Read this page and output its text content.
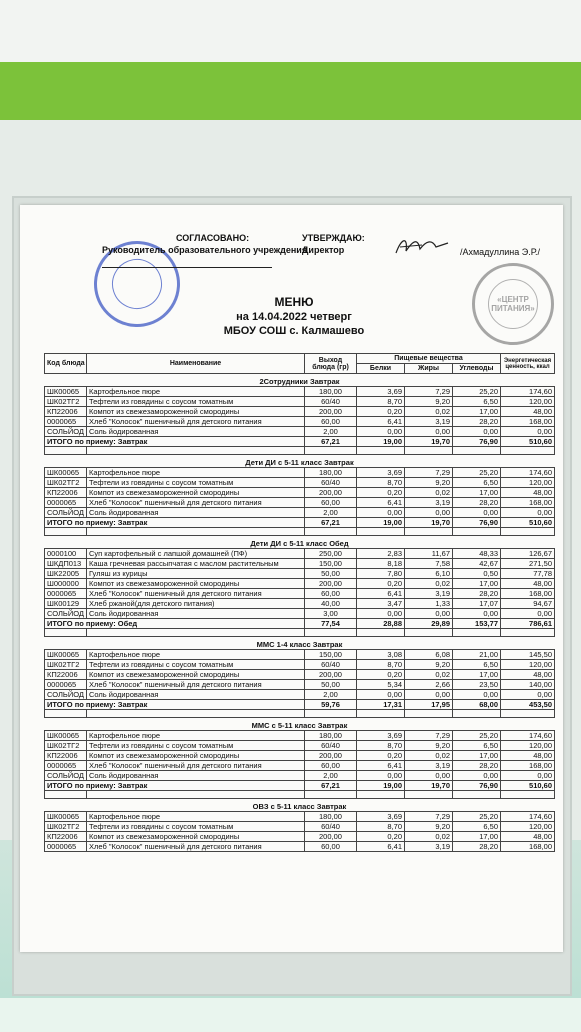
СОГЛАСОВАНО:
Руководитель образовательного учреждения
УТВЕРЖДАЮ:
Директор	/Ахмадуллина Э.Р./
«ЦЕНТР ПИТАНИЯ»
МЕНЮ
на 14.04.2022 четверг
МБОУ СОШ с. Калмашево
Код блюда	Наименование	Выход блюда (гр)	Пищевые вещества			Энергетическая ценность, ккал
			Белки	Жиры	Углеводы	
2Сотрудники Завтрак						
ШК00065	Картофельное пюре	180,00	3,69	7,29	25,20	174,60
ШК02ТГ2	Тефтели из говядины с соусом томатным	60/40	8,70	9,20	6,50	120,00
КП22006	Компот из свежезамороженной смородины	200,00	0,20	0,02	17,00	48,00
0000065	Хлеб "Колосок" пшеничный для детского питания	60,00	6,41	3,19	28,20	168,00
СОЛЬЙОД	Соль йодированная	2,00	0,00	0,00	0,00	0,00
ИТОГО по приему: Завтрак		67,21	19,00	19,70	76,90	510,60

Дети ДИ с 5-11 класс Завтрак						
ШК00065	Картофельное пюре	180,00	3,69	7,29	25,20	174,60
ШК02ТГ2	Тефтели из говядины с соусом томатным	60/40	8,70	9,20	6,50	120,00
КП22006	Компот из свежезамороженной смородины	200,00	0,20	0,02	17,00	48,00
0000065	Хлеб "Колосок" пшеничный для детского питания	60,00	6,41	3,19	28,20	168,00
СОЛЬЙОД	Соль йодированная	2,00	0,00	0,00	0,00	0,00
ИТОГО по приему: Завтрак		67,21	19,00	19,70	76,90	510,60

Дети ДИ с 5-11 класс Обед						
0000100	Суп картофельный с лапшой домашней (ПФ)	250,00	2,83	11,67	48,33	126,67
ШКДП013	Каша гречневая рассыпчатая с маслом растительным	150,00	8,18	7,58	42,67	271,50
ШК22005	Гуляш из курицы	50,00	7,80	6,10	0,50	77,78
Ш000000	Компот из свежезамороженной смородины	200,00	0,20	0,02	17,00	48,00
0000065	Хлеб "Колосок" пшеничный для детского питания	60,00	6,41	3,19	28,20	168,00
ШК00129	Хлеб ржаной(для детского питания)	40,00	3,47	1,33	17,07	94,67
СОЛЬЙОД	Соль йодированная	3,00	0,00	0,00	0,00	0,00
ИТОГО по приему: Обед		77,54	28,88	29,89	153,77	786,61

ММС 1-4 класс Завтрак						
ШК00065	Картофельное пюре	150,00	3,08	6,08	21,00	145,50
ШК02ТГ2	Тефтели из говядины с соусом томатным	60/40	8,70	9,20	6,50	120,00
КП22006	Компот из свежезамороженной смородины	200,00	0,20	0,02	17,00	48,00
0000065	Хлеб "Колосок" пшеничный для детского питания	50,00	5,34	2,66	23,50	140,00
СОЛЬЙОД	Соль йодированная	2,00	0,00	0,00	0,00	0,00
ИТОГО по приему: Завтрак		59,76	17,31	17,95	68,00	453,50

ММС с 5-11 класс Завтрак						
ШК00065	Картофельное пюре	180,00	3,69	7,29	25,20	174,60
ШК02ТГ2	Тефтели из говядины с соусом томатным	60/40	8,70	9,20	6,50	120,00
КП22006	Компот из свежезамороженной смородины	200,00	0,20	0,02	17,00	48,00
0000065	Хлеб "Колосок" пшеничный для детского питания	60,00	6,41	3,19	28,20	168,00
СОЛЬЙОД	Соль йодированная	2,00	0,00	0,00	0,00	0,00
ИТОГО по приему: Завтрак		67,21	19,00	19,70	76,90	510,60

ОВЗ с 5-11 класс Завтрак						
ШК00065	Картофельное пюре	180,00	3,69	7,29	25,20	174,60
ШК02ТГ2	Тефтели из говядины с соусом томатным	60/40	8,70	9,20	6,50	120,00
КП22006	Компот из свежезамороженной смородины	200,00	0,20	0,02	17,00	48,00
0000065	Хлеб "Колосок" пшеничный для детского питания	60,00	6,41	3,19	28,20	168,00
